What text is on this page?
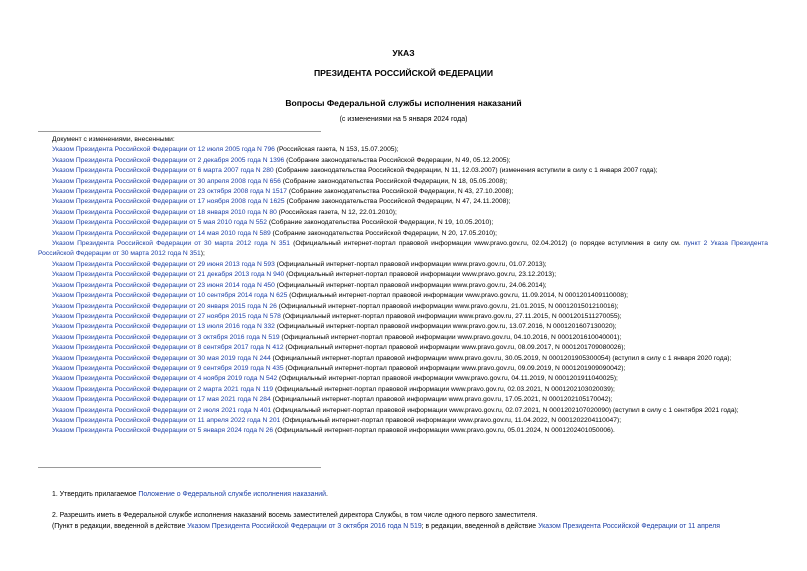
УКАЗ
ПРЕЗИДЕНТА РОССИЙСКОЙ ФЕДЕРАЦИИ
Вопросы Федеральной службы исполнения наказаний
(с изменениями на 5 января 2024 года)

Документ с изменениями, внесенными:

Указом Президента Российской Федерации от 12 июля 2005 года N 796 (Российская газета, N 153, 15.07.2005);

Указом Президента Российской Федерации от 2 декабря 2005 года N 1396 (Собрание законодательства Российской Федерации, N 49, 05.12.2005);

Указом Президента Российской Федерации от 6 марта 2007 года N 280 (Собрание законодательства Российской Федерации, N 11, 12.03.2007) (изменения вступили в силу с 1 января 2007 года);

Указом Президента Российской Федерации от 30 апреля 2008 года N 656 (Собрание законодательства Российской Федерации, N 18, 05.05.2008);

Указом Президента Российской Федерации от 23 октября 2008 года N 1517 (Собрание законодательства Российской Федерации, N 43, 27.10.2008);

Указом Президента Российской Федерации от 17 ноября 2008 года N 1625 (Собрание законодательства Российской Федерации, N 47, 24.11.2008);

Указом Президента Российской Федерации от 18 января 2010 года N 80 (Российская газета, N 12, 22.01.2010);

Указом Президента Российской Федерации от 5 мая 2010 года N 552 (Собрание законодательства Российской Федерации, N 19, 10.05.2010);

Указом Президента Российской Федерации от 14 мая 2010 года N 589 (Собрание законодательства Российской Федерации, N 20, 17.05.2010);

Указом Президента Российской Федерации от 30 марта 2012 года N 351 (Официальный интернет-портал правовой информации www.pravo.gov.ru, 02.04.2012) (о порядке вступления в силу см. пункт 2 Указа Президента Российской Федерации от 30 марта 2012 года N 351);

Указом Президента Российской Федерации от 29 июня 2013 года N 593 (Официальный интернет-портал правовой информации www.pravo.gov.ru, 01.07.2013);

Указом Президента Российской Федерации от 21 декабря 2013 года N 940 (Официальный интернет-портал правовой информации www.pravo.gov.ru, 23.12.2013);

Указом Президента Российской Федерации от 23 июня 2014 года N 450 (Официальный интернет-портал правовой информации www.pravo.gov.ru, 24.06.2014);

Указом Президента Российской Федерации от 10 сентября 2014 года N 625 (Официальный интернет-портал правовой информации www.pravo.gov.ru, 11.09.2014, N 0001201409110008);

Указом Президента Российской Федерации от 20 января 2015 года N 26 (Официальный интернет-портал правовой информации www.pravo.gov.ru, 21.01.2015, N 0001201501210016);

Указом Президента Российской Федерации от 27 ноября 2015 года N 578 (Официальный интернет-портал правовой информации www.pravo.gov.ru, 27.11.2015, N 0001201511270055);

Указом Президента Российской Федерации от 13 июля 2016 года N 332 (Официальный интернет-портал правовой информации www.pravo.gov.ru, 13.07.2016, N 0001201607130020);

Указом Президента Российской Федерации от 3 октября 2016 года N 519 (Официальный интернет-портал правовой информации www.pravo.gov.ru, 04.10.2016, N 0001201610040001);

Указом Президента Российской Федерации от 8 сентября 2017 года N 412 (Официальный интернет-портал правовой информации www.pravo.gov.ru, 08.09.2017, N 0001201709080026);

Указом Президента Российской Федерации от 30 мая 2019 года N 244 (Официальный интернет-портал правовой информации www.pravo.gov.ru, 30.05.2019, N 0001201905300054) (вступил в силу с 1 января 2020 года);

Указом Президента Российской Федерации от 9 сентября 2019 года N 435 (Официальный интернет-портал правовой информации www.pravo.gov.ru, 09.09.2019, N 0001201909090042);

Указом Президента Российской Федерации от 4 ноября 2019 года N 542 (Официальный интернет-портал правовой информации www.pravo.gov.ru, 04.11.2019, N 0001201911040025);

Указом Президента Российской Федерации от 2 марта 2021 года N 119 (Официальный интернет-портал правовой информации www.pravo.gov.ru, 02.03.2021, N 0001202103020039);

Указом Президента Российской Федерации от 17 мая 2021 года N 284 (Официальный интернет-портал правовой информации www.pravo.gov.ru, 17.05.2021, N 0001202105170042);

Указом Президента Российской Федерации от 2 июля 2021 года N 401 (Официальный интернет-портал правовой информации www.pravo.gov.ru, 02.07.2021, N 0001202107020090) (вступил в силу с 1 сентября 2021 года);

Указом Президента Российской Федерации от 11 апреля 2022 года N 201 (Официальный интернет-портал правовой информации www.pravo.gov.ru, 11.04.2022, N 0001202204110047);

Указом Президента Российской Федерации от 5 января 2024 года N 26 (Официальный интернет-портал правовой информации www.pravo.gov.ru, 05.01.2024, N 0001202401050006).

1. Утвердить прилагаемое Положение о Федеральной службе исполнения наказаний.

2. Разрешить иметь в Федеральной службе исполнения наказаний восемь заместителей директора Службы, в том числе одного первого заместителя.

(Пункт в редакции, введенной в действие Указом Президента Российской Федерации от 3 октября 2016 года N 519; в редакции, введенной в действие Указом Президента Российской Федерации от 11 апреля
